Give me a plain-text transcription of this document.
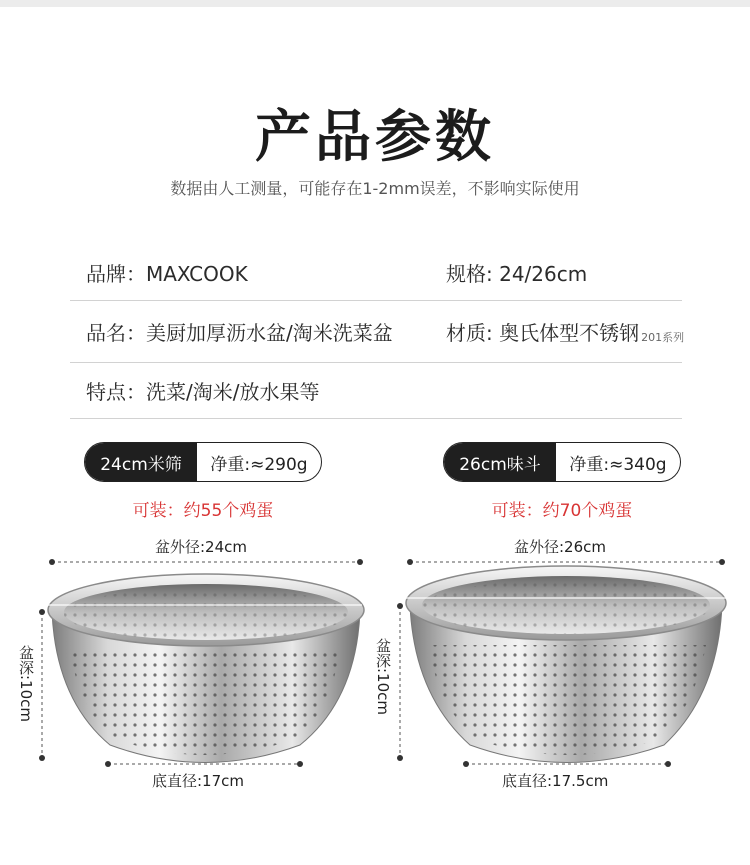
产品参数
数据由人工测量，可能存在1-2mm误差，不影响实际使用
品牌：MAXCOOK	规格: 24/26cm
品名：美厨加厚沥水盆/淘米洗菜盆	材质: 奥氏体型不锈钢 201系列
特点：洗菜/淘米/放水果等
24cm米筛	净重:≈290g
可装：约55个鸡蛋
26cm味斗	净重:≈340g
可装：约70个鸡蛋
盆外径:24cm	盆外径:26cm
盆深:10cm	盆深:10cm
底直径:17cm	底直径:17.5cm
